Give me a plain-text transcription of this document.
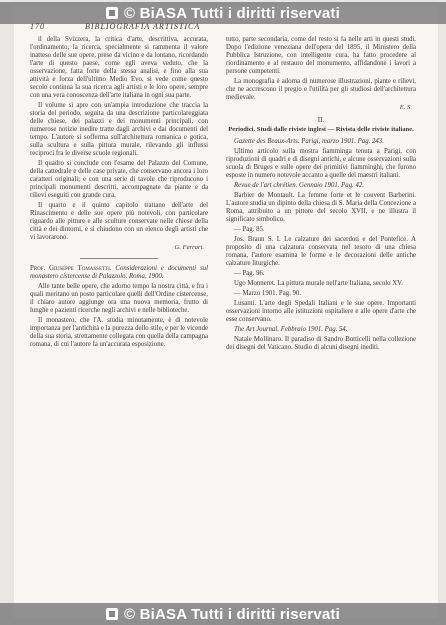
© BiASA Tutti i diritti riservati
170	BIBLIOGRAFIA ARTISTICA

il della Svizzera, la critica d'arte, descrittiva, accurata, l'ordinamento, la ricerca, specialmente si rammenta il valore inatteso delle sue opere, prese da vicino e da lontano, ricordando l'arte di questo paese, come egli aveva veduto, che la osservazione, fatta forte della stessa analisi, e fino alla sua attività e forza dell'ultimo Medio Evo, si vede come questo secolo continua la sua ricerca agli artisti e le loro opere, sempre con una vera conoscenza dell'arte italiana in ogni sua parte.

Il volume si apre con un'ampia introduzione che traccia la storia del periodo, seguita da una descrizione particolareggiata delle chiese, dei palazzi e dei monumenti principali, con numerose notizie inedite tratte dagli archivi e dai documenti del tempo. L'autore si sofferma sull'architettura romanica e gotica, sulla scultura e sulla pittura murale, rilevando gli influssi reciproci fra le diverse scuole regionali.

Il quadro si conclude con l'esame del Palazzo del Comune, della cattedrale e delle case private, che conservano ancora i loro caratteri originali; e con una serie di tavole che riproducono i principali monumenti descritti, accompagnate da piante e da rilievi eseguiti con grande cura.

Il quarto e il quinto capitolo trattano dell'arte del Rinascimento e delle sue opere più notevoli, con particolare riguardo alle pitture e alle sculture conservate nelle chiese della città e dei dintorni, e si chiudono con un elenco degli artisti che vi lavorarono.

G. Ferrari.

Prof. Giuseppe Tomassetti. Considerazioni e documenti sul monastero cistercense di Palazzolo. Roma, 1900.

Alle tante belle opere, che adorno tempo la nostra città, e fra i quali meritano un posto particolare quelli dell'Ordine cistercense, il chiaro autore aggiunge ora una nuova memoria, frutto di lunghe e pazienti ricerche negli archivi e nelle biblioteche.

Il monastero, che l'A. studia minutamente, è di notevole importanza per l'antichità e la purezza dello stile, e per le vicende della sua storia, strettamente collegata con quella della campagna romana, di cui l'autore fa un'accurata esposizione.

tutto, parte secondaria, come del resto si fa nelle arti in questi studi. Dopo l'edizione veneziana dell'opera del 1895, il Ministero della Pubblica Istruzione, con intelligente cura, ha fatto procedere al riordinamento e al restauro del monumento, affidandone i lavori a persone competenti.

La monografia è adorna di numerose illustrazioni, piante e rilievi, che ne accrescono il pregio e l'utilità per gli studiosi dell'architettura medievale.

E. S.
II.
Periodici. Studi dalle riviste inglesi — Rivista delle riviste italiane.

Gazette des Beaux-Arts. Parigi, marzo 1901. Pag. 243.

Ultimo articolo sulla mostra fiamminga tenuta a Parigi, con riproduzioni di quadri e di disegni antichi, e alcune osservazioni sulla scuola di Bruges e sulle opere dei primitivi fiamminghi, che furono esposte in numero notevole accanto a quelle dei maestri italiani.

Revue de l'art chrétien. Gennaio 1901. Pag. 42.

Barbier de Montault. La femme forte et le couvent Barberini. L'autore studia un dipinto della chiesa di S. Maria della Concezione a Roma, attribuito a un pittore del secolo XVII, e ne illustra il significato simbolico.

— Pag. 85.

Jos. Braun S. I. Le calzature dei sacerdoti e del Pontefice. A proposito di una calzatura conservata nel tesoro di una chiesa romana, l'autore esamina le forme e le decorazioni delle antiche calzature liturgiche.

— Pag. 96.

Ugo Monneret. La pittura murale nell'arte Italiana, secolo XV.

— Marzo 1901. Pag. 90.

Lusanti. L'arte degli Spedali Italiani e le sue opere. Importanti osservazioni intorno alle istituzioni ospitaliere e alle opere d'arte che esse conservano.

The Art Journal. Febbraio 1901. Pag. 54.

Natale Mollinaro. Il paradiso di Sandro Botticelli nella collezione dei disegni del Vaticano. Studio di alcuni disegni inediti.

© BiASA Tutti i diritti riservati
